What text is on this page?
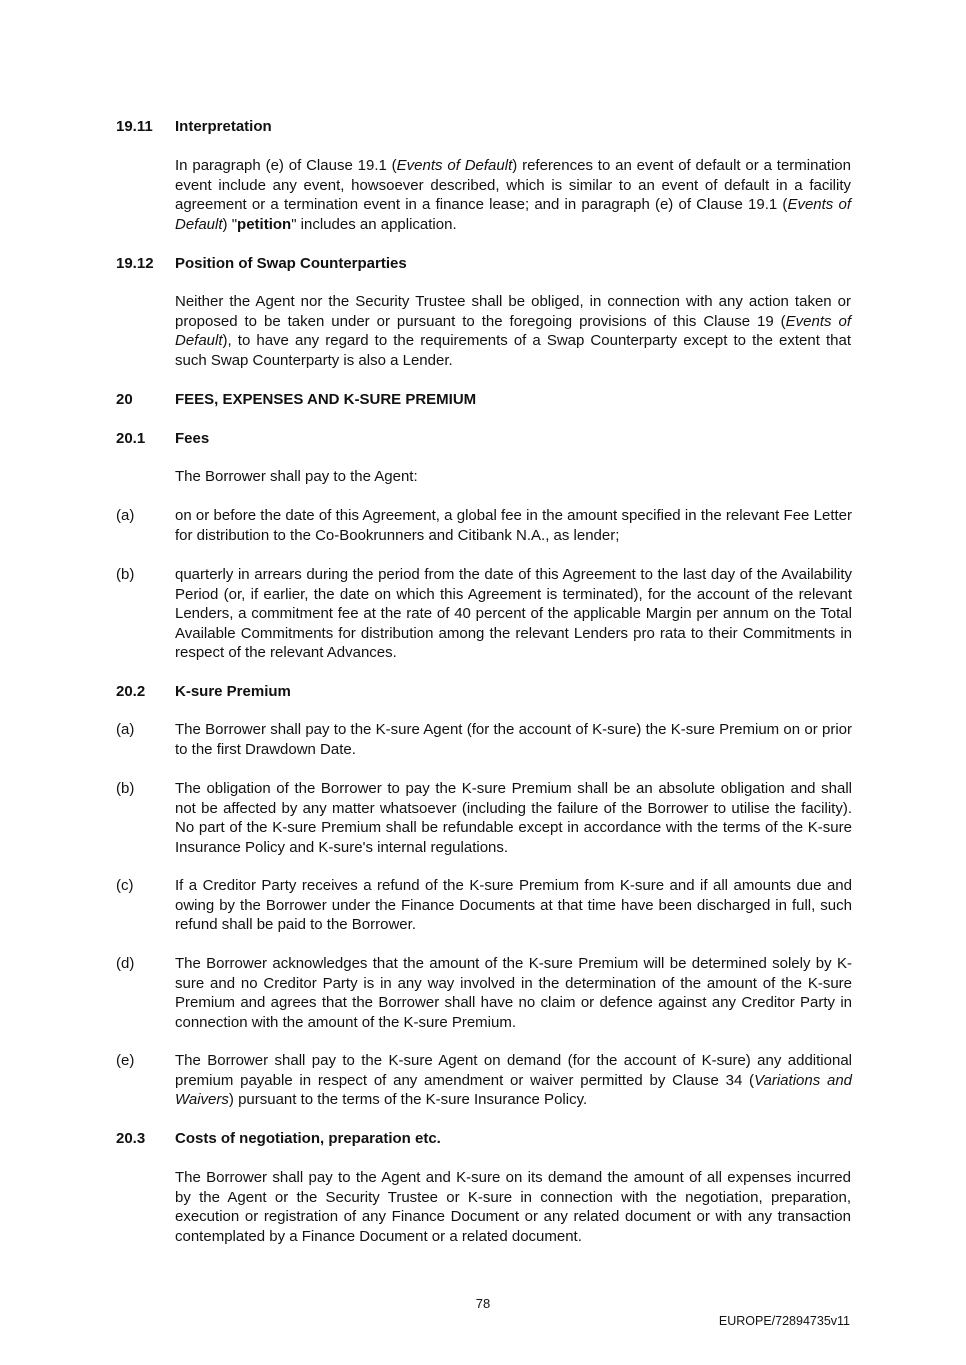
19.11	Interpretation
In paragraph (e) of Clause 19.1 (Events of Default) references to an event of default or a termination event include any event, howsoever described, which is similar to an event of default in a facility agreement or a termination event in a finance lease; and in paragraph (e) of Clause 19.1 (Events of Default) "petition" includes an application.
19.12	Position of Swap Counterparties
Neither the Agent nor the Security Trustee shall be obliged, in connection with any action taken or proposed to be taken under or pursuant to the foregoing provisions of this Clause 19 (Events of Default), to have any regard to the requirements of a Swap Counterparty except to the extent that such Swap Counterparty is also a Lender.
20	FEES, EXPENSES AND K-SURE PREMIUM
20.1	Fees
The Borrower shall pay to the Agent:
(a)	on or before the date of this Agreement, a global fee in the amount specified in the relevant Fee Letter for distribution to the Co-Bookrunners and Citibank N.A., as lender;
(b)	quarterly in arrears during the period from the date of this Agreement to the last day of the Availability Period (or, if earlier, the date on which this Agreement is terminated), for the account of the relevant Lenders, a commitment fee at the rate of 40 percent of the applicable Margin per annum on the Total Available Commitments for distribution among the relevant Lenders pro rata to their Commitments in respect of the relevant Advances.
20.2	K-sure Premium
(a)	The Borrower shall pay to the K-sure Agent (for the account of K-sure) the K-sure Premium on or prior to the first Drawdown Date.
(b)	The obligation of the Borrower to pay the K-sure Premium shall be an absolute obligation and shall not be affected by any matter whatsoever (including the failure of the Borrower to utilise the facility). No part of the K-sure Premium shall be refundable except in accordance with the terms of the K-sure Insurance Policy and K-sure's internal regulations.
(c)	If a Creditor Party receives a refund of the K-sure Premium from K-sure and if all amounts due and owing by the Borrower under the Finance Documents at that time have been discharged in full, such refund shall be paid to the Borrower.
(d)	The Borrower acknowledges that the amount of the K-sure Premium will be determined solely by K-sure and no Creditor Party is in any way involved in the determination of the amount of the K-sure Premium and agrees that the Borrower shall have no claim or defence against any Creditor Party in connection with the amount of the K-sure Premium.
(e)	The Borrower shall pay to the K-sure Agent on demand (for the account of K-sure) any additional premium payable in respect of any amendment or waiver permitted by Clause 34 (Variations and Waivers) pursuant to the terms of the K-sure Insurance Policy.
20.3	Costs of negotiation, preparation etc.
The Borrower shall pay to the Agent and K-sure on its demand the amount of all expenses incurred by the Agent or the Security Trustee or K-sure in connection with the negotiation, preparation, execution or registration of any Finance Document or any related document or with any transaction contemplated by a Finance Document or a related document.
78
EUROPE/72894735v11
